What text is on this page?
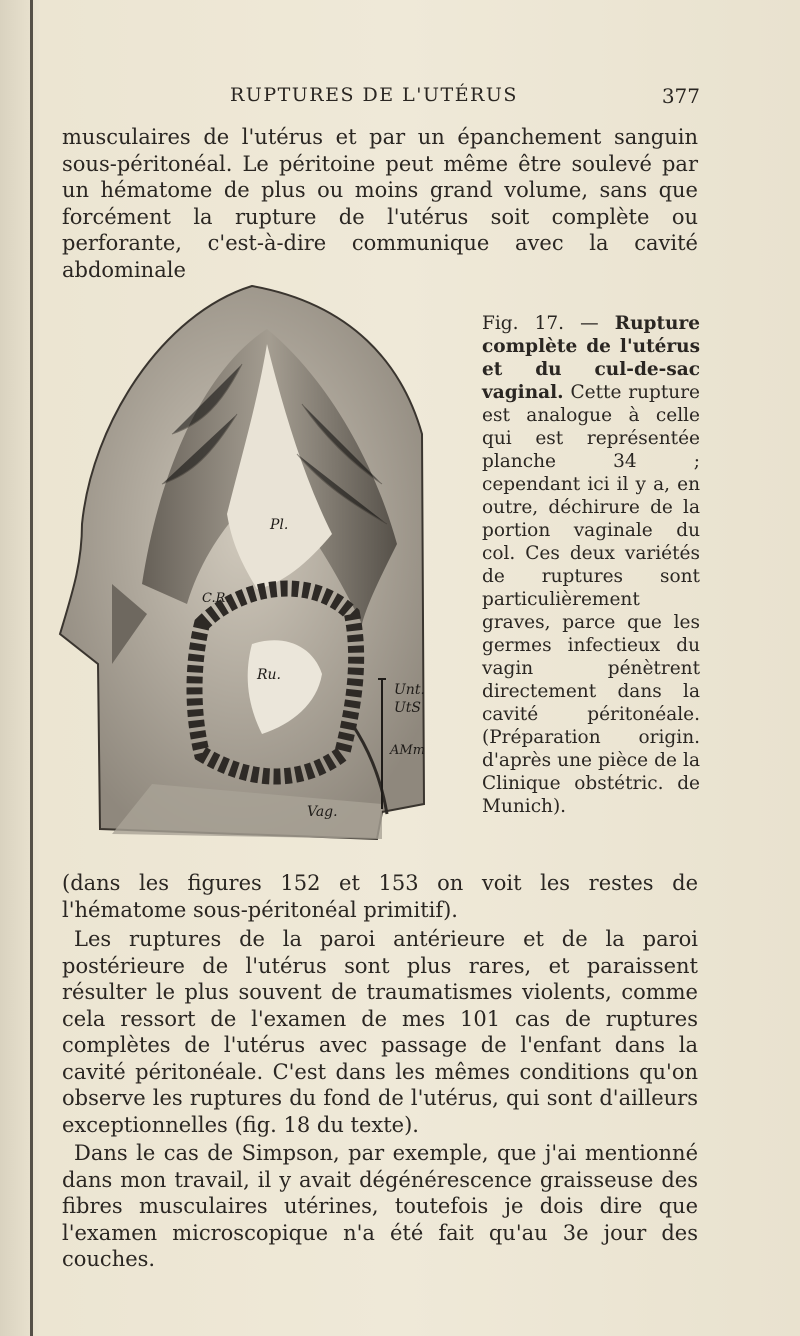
RUPTURES DE L'UTÉRUS	377

musculaires de l'utérus et par un épanchement sanguin sous-péritonéal. Le péritoine peut même être soulevé par un hématome de plus ou moins grand volume, sans que forcément la rupture de l'utérus soit complète ou perforante, c'est-à-dire communique avec la cavité abdominale

Pl.
C.R.
Ru.
Unt.
UtS
AMm
Vag.

Fig. 17. — Rupture complète de l'utérus et du cul-de-sac vaginal. Cette rupture est analogue à celle qui est représentée planche 34 ; cependant ici il y a, en outre, déchirure de la portion vaginale du col. Ces deux variétés de ruptures sont particulièrement graves, parce que les germes infectieux du vagin pénètrent directement dans la cavité péritonéale. (Préparation origin. d'après une pièce de la Clinique obstétric. de Munich).

(dans les figures 152 et 153 on voit les restes de l'hématome sous-péritonéal primitif).

Les ruptures de la paroi antérieure et de la paroi postérieure de l'utérus sont plus rares, et paraissent résulter le plus souvent de traumatismes violents, comme cela ressort de l'examen de mes 101 cas de ruptures complètes de l'utérus avec passage de l'enfant dans la cavité péritonéale. C'est dans les mêmes conditions qu'on observe les ruptures du fond de l'utérus, qui sont d'ailleurs exceptionnelles (fig. 18 du texte).

Dans le cas de Simpson, par exemple, que j'ai mentionné dans mon travail, il y avait dégénérescence graisseuse des fibres musculaires utérines, toutefois je dois dire que l'examen microscopique n'a été fait qu'au 3e jour des couches.
